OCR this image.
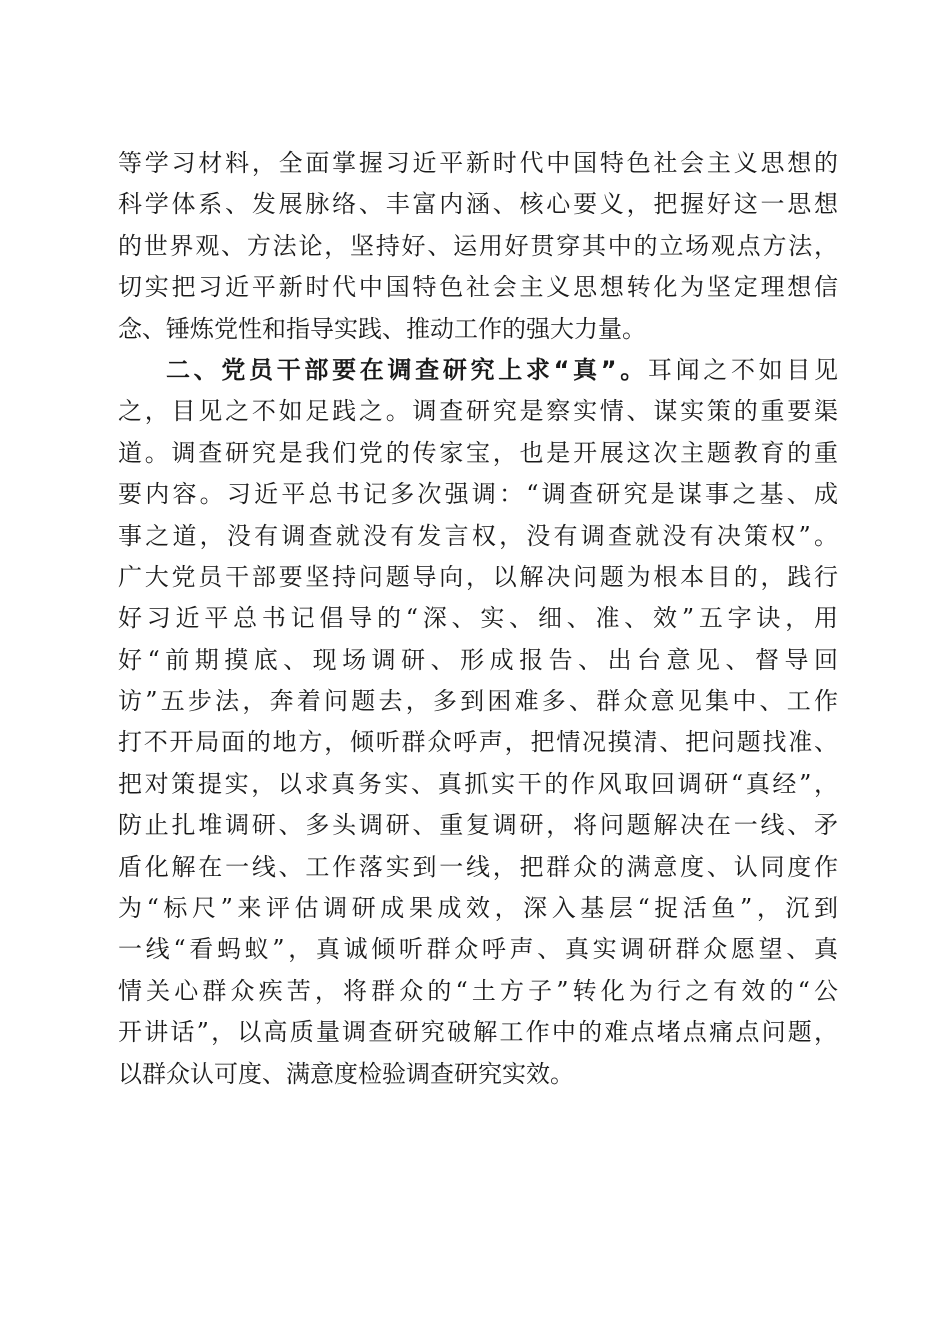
等学习材料，全面掌握习近平新时代中国特色社会主义思想的
科学体系、发展脉络、丰富内涵、核心要义，把握好这一思想
的世界观、方法论，坚持好、运用好贯穿其中的立场观点方法，
切实把习近平新时代中国特色社会主义思想转化为坚定理想信
念、锤炼党性和指导实践、推动工作的强大力量。
二、党员干部要在调查研究上求“真”。耳闻之不如目见
之，目见之不如足践之。调查研究是察实情、谋实策的重要渠
道。调查研究是我们党的传家宝，也是开展这次主题教育的重
要内容。习近平总书记多次强调：“调查研究是谋事之基、成
事之道，没有调查就没有发言权，没有调查就没有决策权”。
广大党员干部要坚持问题导向，以解决问题为根本目的，践行
好习近平总书记倡导的“深、实、细、准、效”五字诀，用
好“前期摸底、现场调研、形成报告、出台意见、督导回
访”五步法，奔着问题去，多到困难多、群众意见集中、工作
打不开局面的地方，倾听群众呼声，把情况摸清、把问题找准、
把对策提实，以求真务实、真抓实干的作风取回调研“真经”，
防止扎堆调研、多头调研、重复调研，将问题解决在一线、矛
盾化解在一线、工作落实到一线，把群众的满意度、认同度作
为“标尺”来评估调研成果成效，深入基层“捉活鱼”，沉到
一线“看蚂蚁”，真诚倾听群众呼声、真实调研群众愿望、真
情关心群众疾苦，将群众的“土方子”转化为行之有效的“公
开讲话”，以高质量调查研究破解工作中的难点堵点痛点问题，
以群众认可度、满意度检验调查研究实效。
